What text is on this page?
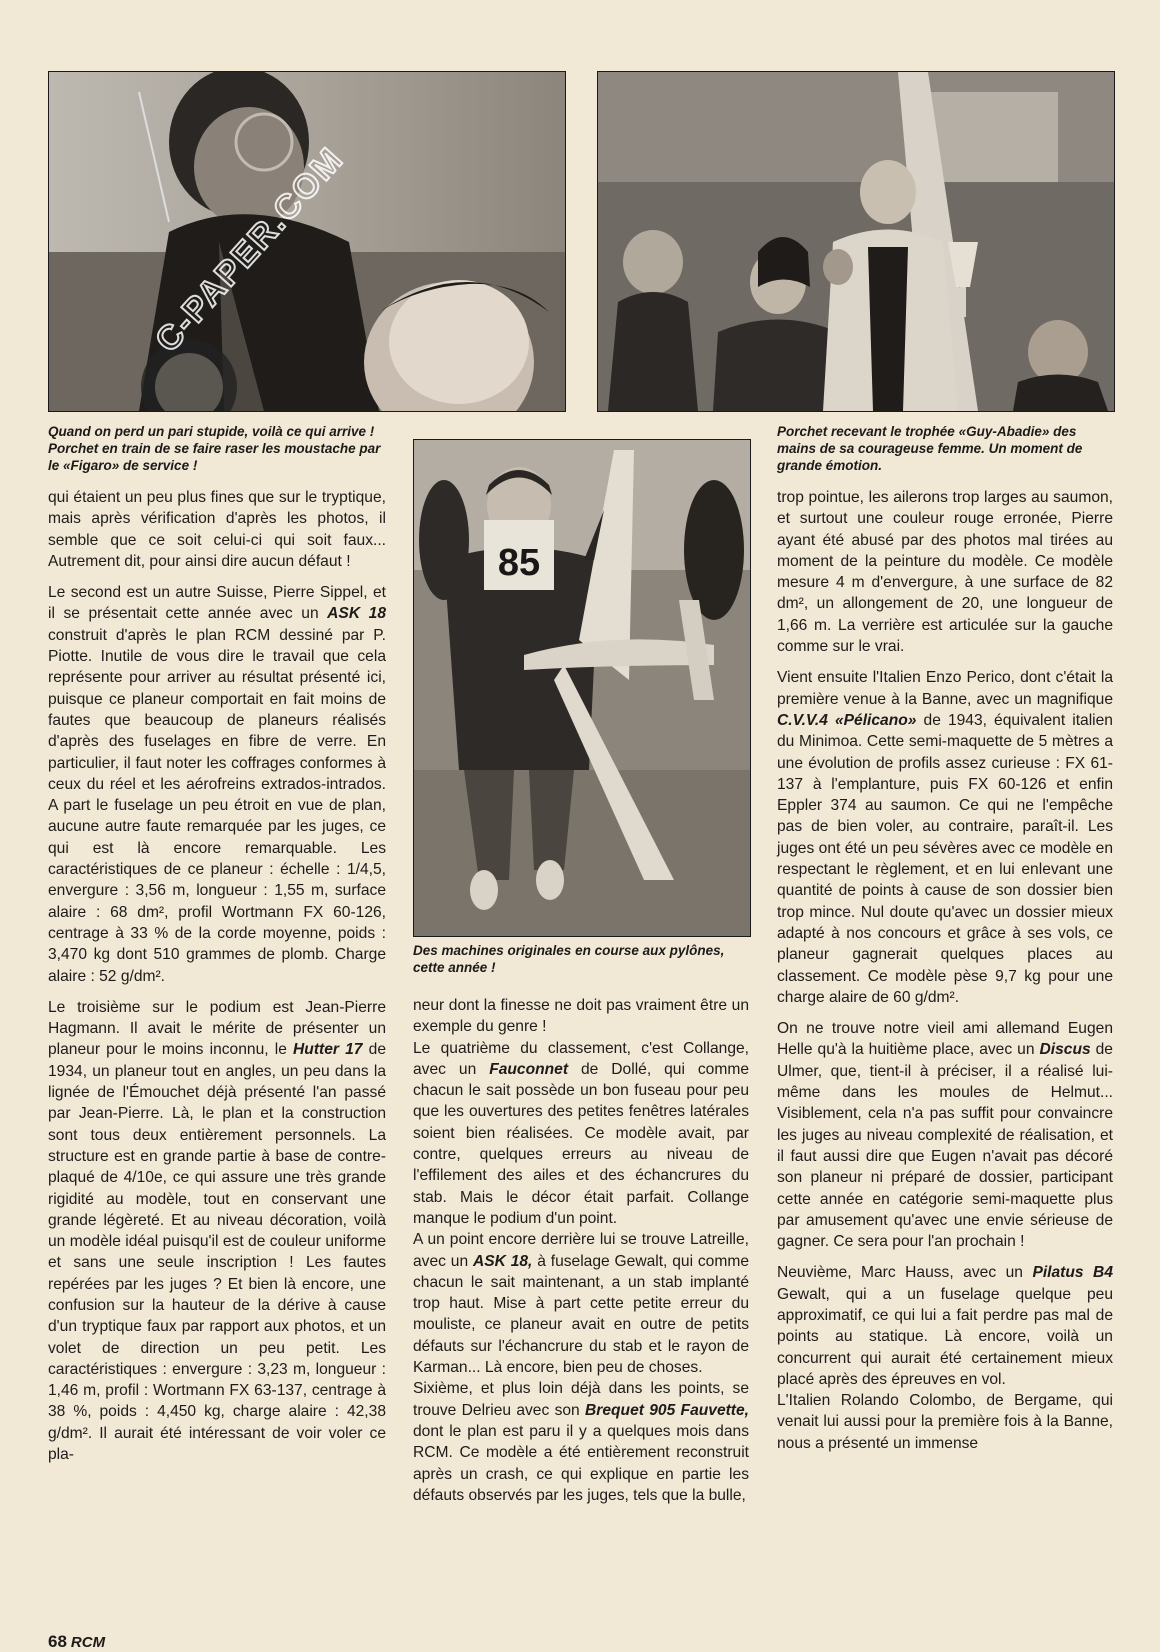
85

Quand on perd un pari stupide, voilà ce qui arrive ! Porchet en train de se faire raser les moustache par le «Figaro» de service !

Porchet recevant le trophée «Guy-Abadie» des mains de sa courageuse femme. Un moment de grande émotion.

Des machines originales en course aux pylônes, cette année !

qui étaient un peu plus fines que sur le tryptique, mais après vérification d'après les photos, il semble que ce soit celui-ci qui soit faux... Autrement dit, pour ainsi dire aucun défaut !

Le second est un autre Suisse, Pierre Sippel, et il se présentait cette année avec un ASK 18 construit d'après le plan RCM dessiné par P. Piotte. Inutile de vous dire le travail que cela représente pour arriver au résultat présenté ici, puisque ce planeur comportait en fait moins de fautes que beaucoup de planeurs réalisés d'après des fuselages en fibre de verre. En particulier, il faut noter les coffrages conformes à ceux du réel et les aérofreins extrados-intrados. A part le fuselage un peu étroit en vue de plan, aucune autre faute remarquée par les juges, ce qui est là encore remarquable. Les caractéristiques de ce planeur : échelle : 1/4,5, envergure : 3,56 m, longueur : 1,55 m, surface alaire : 68 dm², profil Wortmann FX 60-126, centrage à 33 % de la corde moyenne, poids : 3,470 kg dont 510 grammes de plomb. Charge alaire : 52 g/dm².

Le troisième sur le podium est Jean-Pierre Hagmann. Il avait le mérite de présenter un planeur pour le moins inconnu, le Hutter 17 de 1934, un planeur tout en angles, un peu dans la lignée de l'Émouchet déjà présenté l'an passé par Jean-Pierre. Là, le plan et la construction sont tous deux entièrement personnels. La structure est en grande partie à base de contre-plaqué de 4/10e, ce qui assure une très grande rigidité au modèle, tout en conservant une grande légèreté. Et au niveau décoration, voilà un modèle idéal puisqu'il est de couleur uniforme et sans une seule inscription ! Les fautes repérées par les juges ? Et bien là encore, une confusion sur la hauteur de la dérive à cause d'un tryptique faux par rapport aux photos, et un volet de direction un peu petit. Les caractéristiques : envergure : 3,23 m, longueur : 1,46 m, profil : Wortmann FX 63-137, centrage à 38 %, poids : 4,450 kg, charge alaire : 42,38 g/dm². Il aurait été intéressant de voir voler ce pla-

neur dont la finesse ne doit pas vraiment être un exemple du genre !

Le quatrième du classement, c'est Collange, avec un Fauconnet de Dollé, qui comme chacun le sait possède un bon fuseau pour peu que les ouvertures des petites fenêtres latérales soient bien réalisées. Ce modèle avait, par contre, quelques erreurs au niveau de l'effilement des ailes et des échancrures du stab. Mais le décor était parfait. Collange manque le podium d'un point.

A un point encore derrière lui se trouve Latreille, avec un ASK 18, à fuselage Gewalt, qui comme chacun le sait maintenant, a un stab implanté trop haut. Mise à part cette petite erreur du mouliste, ce planeur avait en outre de petits défauts sur l'échancrure du stab et le rayon de Karman... Là encore, bien peu de choses.

Sixième, et plus loin déjà dans les points, se trouve Delrieu avec son Brequet 905 Fauvette, dont le plan est paru il y a quelques mois dans RCM. Ce modèle a été entièrement reconstruit après un crash, ce qui explique en partie les défauts observés par les juges, tels que la bulle,

trop pointue, les ailerons trop larges au saumon, et surtout une couleur rouge erronée, Pierre ayant été abusé par des photos mal tirées au moment de la peinture du modèle. Ce modèle mesure 4 m d'envergure, à une surface de 82 dm², un allongement de 20, une longueur de 1,66 m. La verrière est articulée sur la gauche comme sur le vrai.

Vient ensuite l'Italien Enzo Perico, dont c'était la première venue à la Banne, avec un magnifique C.V.V.4 «Pélicano» de 1943, équivalent italien du Minimoa. Cette semi-maquette de 5 mètres a une évolution de profils assez curieuse : FX 61-137 à l'emplanture, puis FX 60-126 et enfin Eppler 374 au saumon. Ce qui ne l'empêche pas de bien voler, au contraire, paraît-il. Les juges ont été un peu sévères avec ce modèle en respectant le règlement, et en lui enlevant une quantité de points à cause de son dossier bien trop mince. Nul doute qu'avec un dossier mieux adapté à nos concours et grâce à ses vols, ce planeur gagnerait quelques places au classement. Ce modèle pèse 9,7 kg pour une charge alaire de 60 g/dm².

On ne trouve notre vieil ami allemand Eugen Helle qu'à la huitième place, avec un Discus de Ulmer, que, tient-il à préciser, il a réalisé lui-même dans les moules de Helmut... Visiblement, cela n'a pas suffit pour convaincre les juges au niveau complexité de réalisation, et il faut aussi dire que Eugen n'avait pas décoré son planeur ni préparé de dossier, participant cette année en catégorie semi-maquette plus par amusement qu'avec une envie sérieuse de gagner. Ce sera pour l'an prochain !

Neuvième, Marc Hauss, avec un Pilatus B4 Gewalt, qui a un fuselage quelque peu approximatif, ce qui lui a fait perdre pas mal de points au statique. Là encore, voilà un concurrent qui aurait été certainement mieux placé après des épreuves en vol.

L'Italien Rolando Colombo, de Bergame, qui venait lui aussi pour la première fois à la Banne, nous a présenté un immense

68 RCM
